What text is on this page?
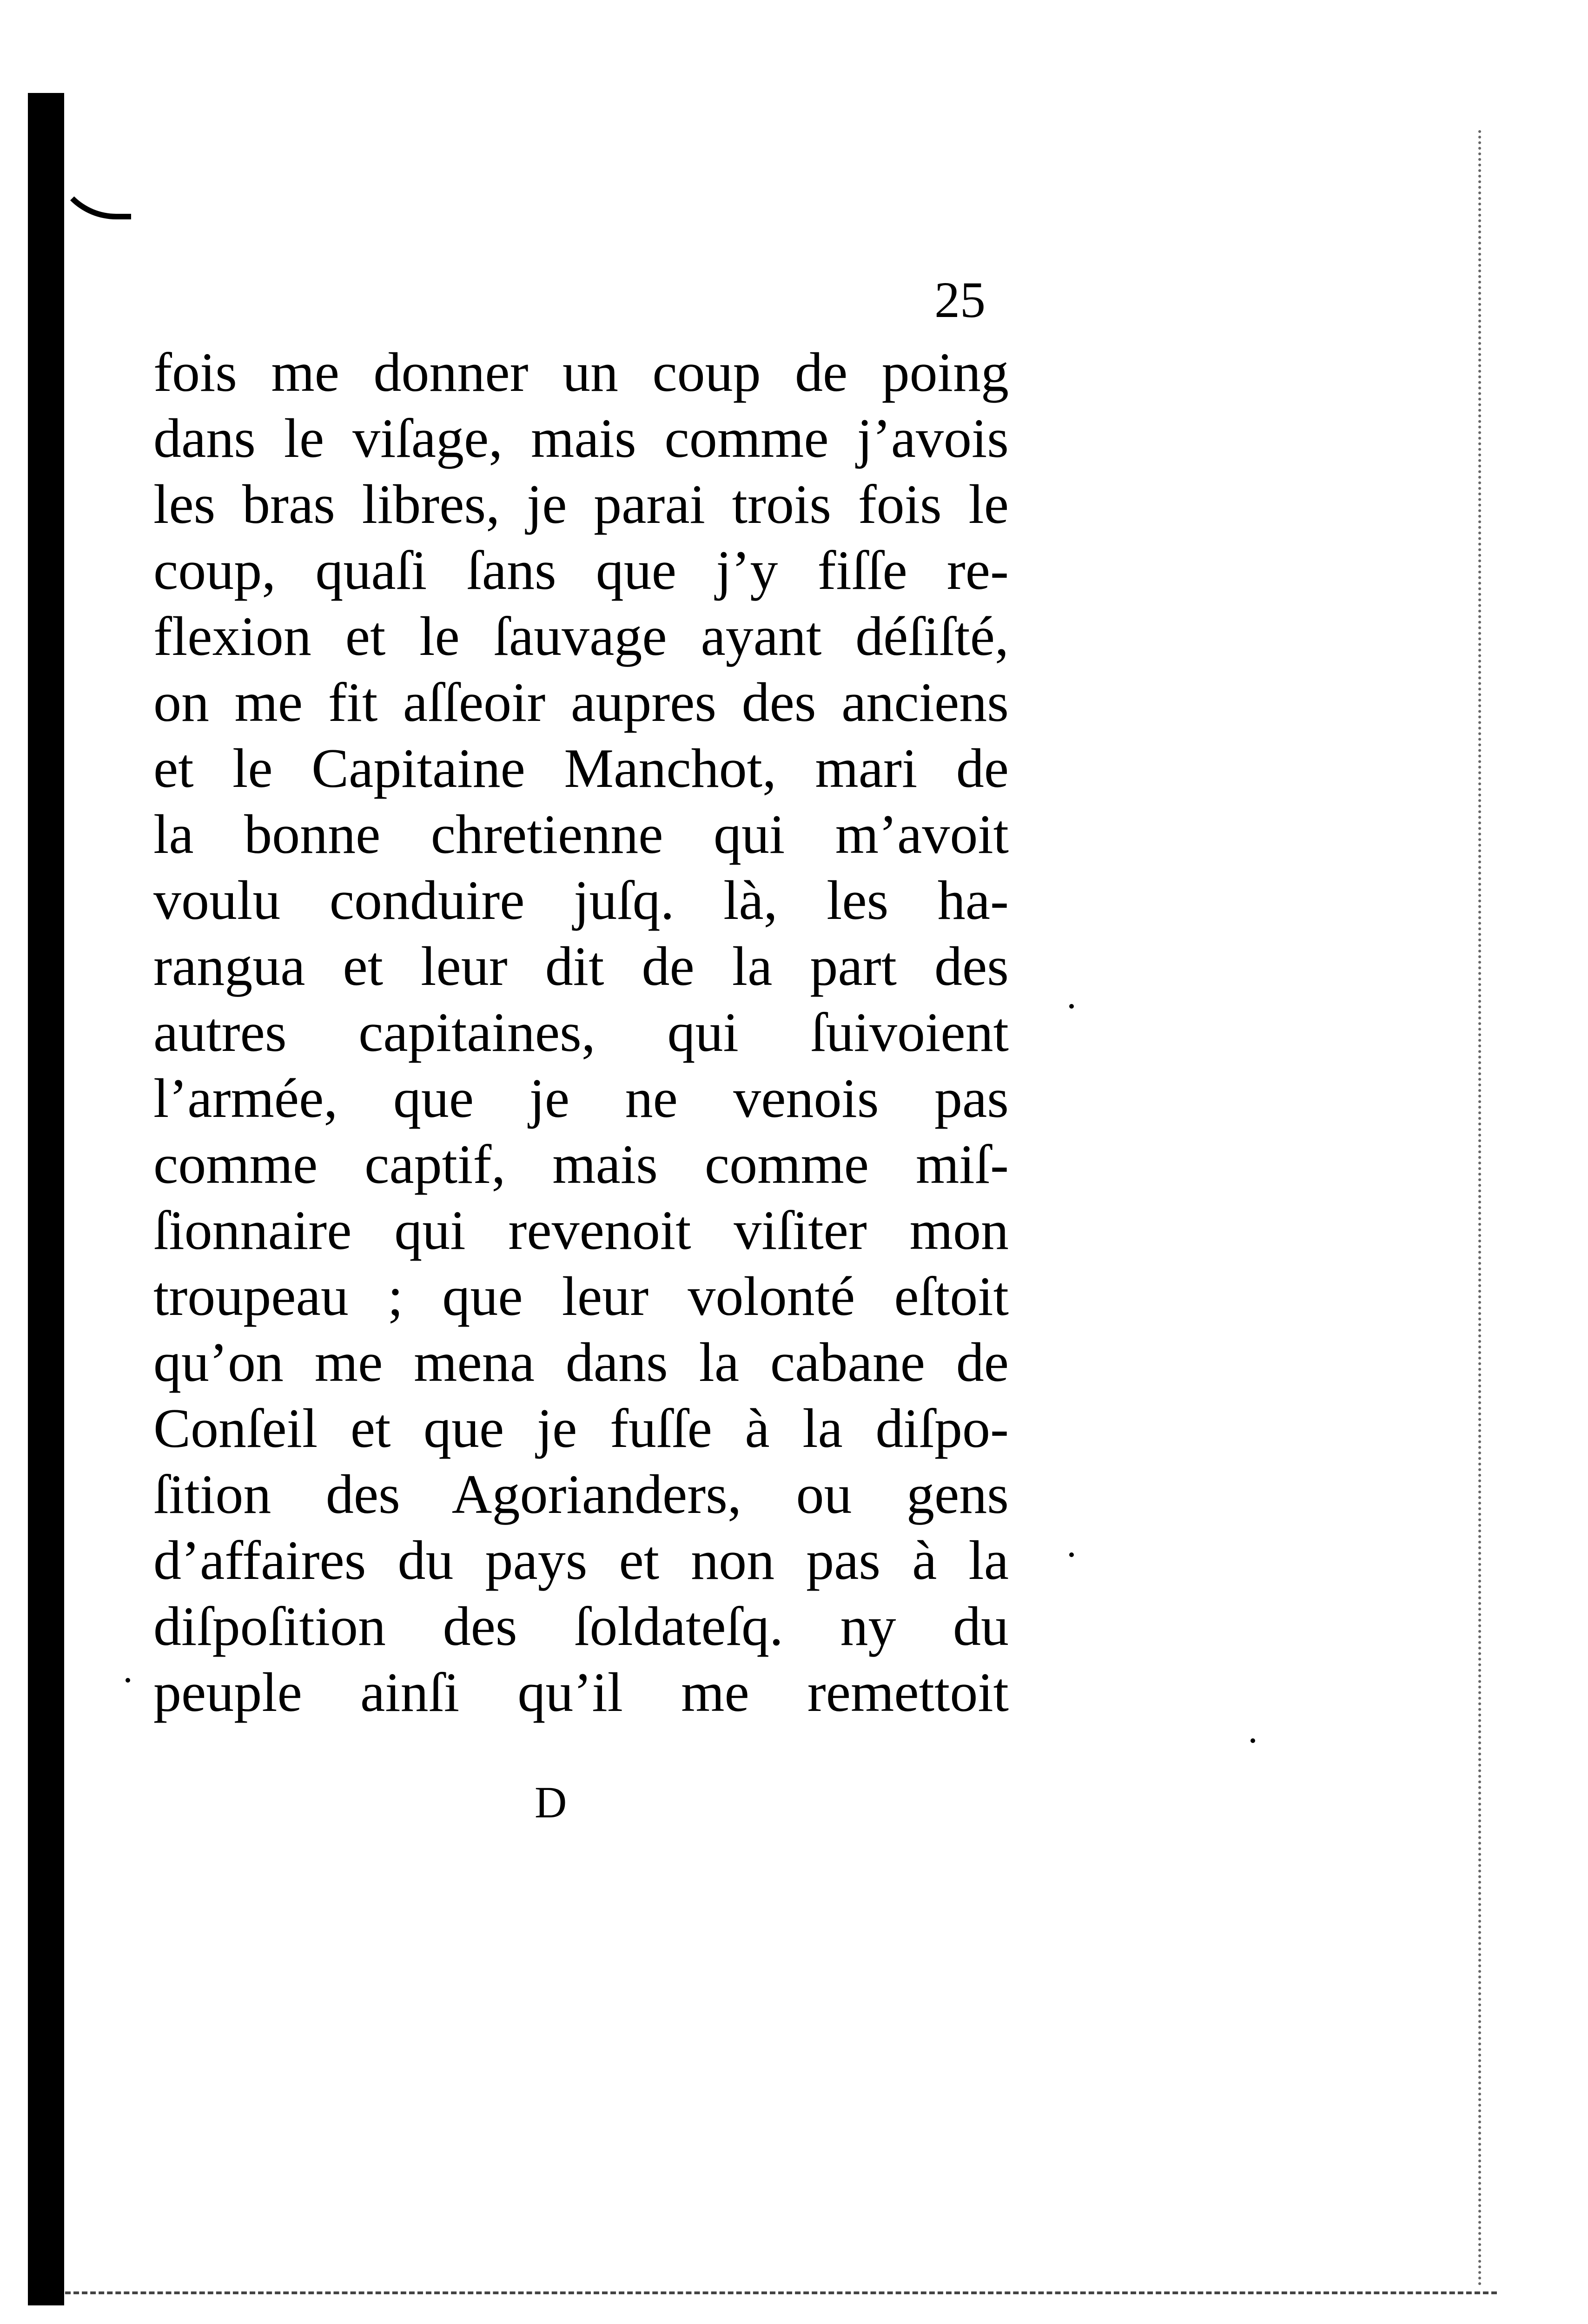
25
fois me donner un coup de poing
dans le viſage, mais comme j’avois
les bras libres, je parai trois fois le
coup, quaſi ſans que j’y fiſſe re-
flexion et le ſauvage ayant déſiſté,
on me fit aſſeoir aupres des anciens
et le Capitaine Manchot, mari de
la bonne chretienne qui m’avoit
voulu conduire juſq. là, les ha-
rangua et leur dit de la part des
autres capitaines, qui ſuivoient
l’armée, que je ne venois pas
comme captif, mais comme miſ-
ſionnaire qui revenoit viſiter mon
troupeau ; que leur volonté eſtoit
qu’on me mena dans la cabane de
Conſeil et que je fuſſe à la diſpo-
ſition des Agorianders, ou gens
d’affaires du pays et non pas à la
diſpoſition des ſoldateſq. ny du
peuple ainſi qu’il me remettoit
D
